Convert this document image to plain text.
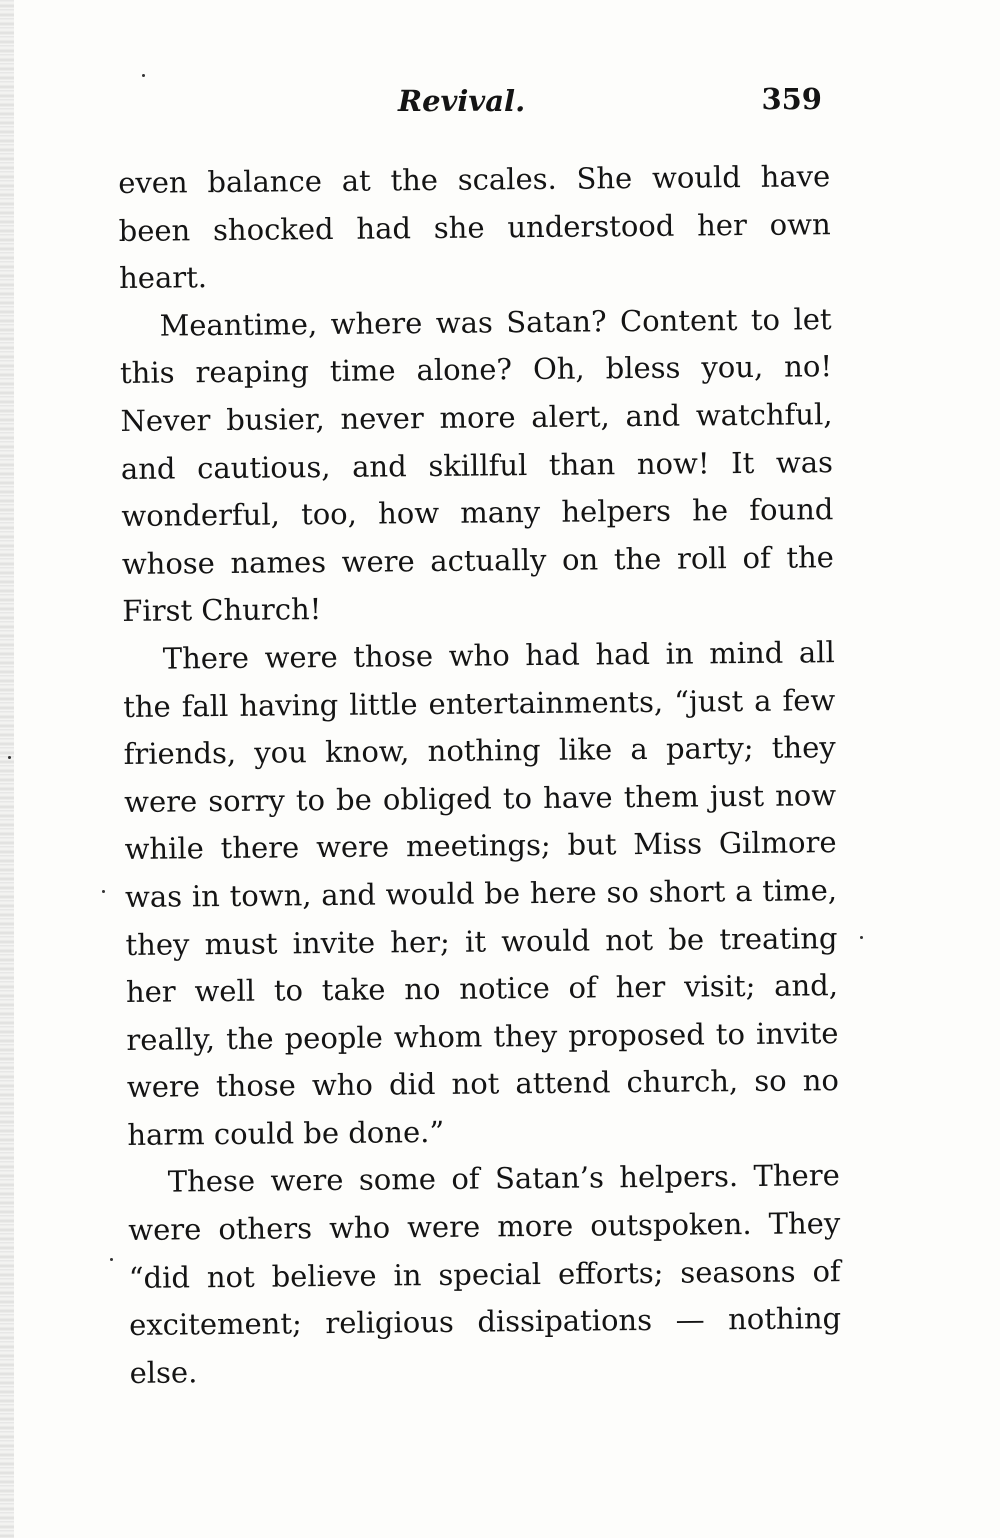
Revival.	359

even balance at the scales. She would have been shocked had she understood her own heart.

Meantime, where was Satan? Content to let this reaping time alone? Oh, bless you, no! Never busier, never more alert, and watchful, and cautious, and skillful than now! It was wonderful, too, how many helpers he found whose names were actually on the roll of the First Church!

There were those who had had in mind all the fall having little entertainments, “just a few friends, you know, nothing like a party; they were sorry to be obliged to have them just now while there were meetings; but Miss Gilmore was in town, and would be here so short a time, they must invite her; it would not be treating her well to take no notice of her visit; and, really, the people whom they proposed to invite were those who did not attend church, so no harm could be done.”

These were some of Satan’s helpers. There were others who were more outspoken. They “did not believe in special efforts; seasons of excitement; religious dissipations — nothing else.
